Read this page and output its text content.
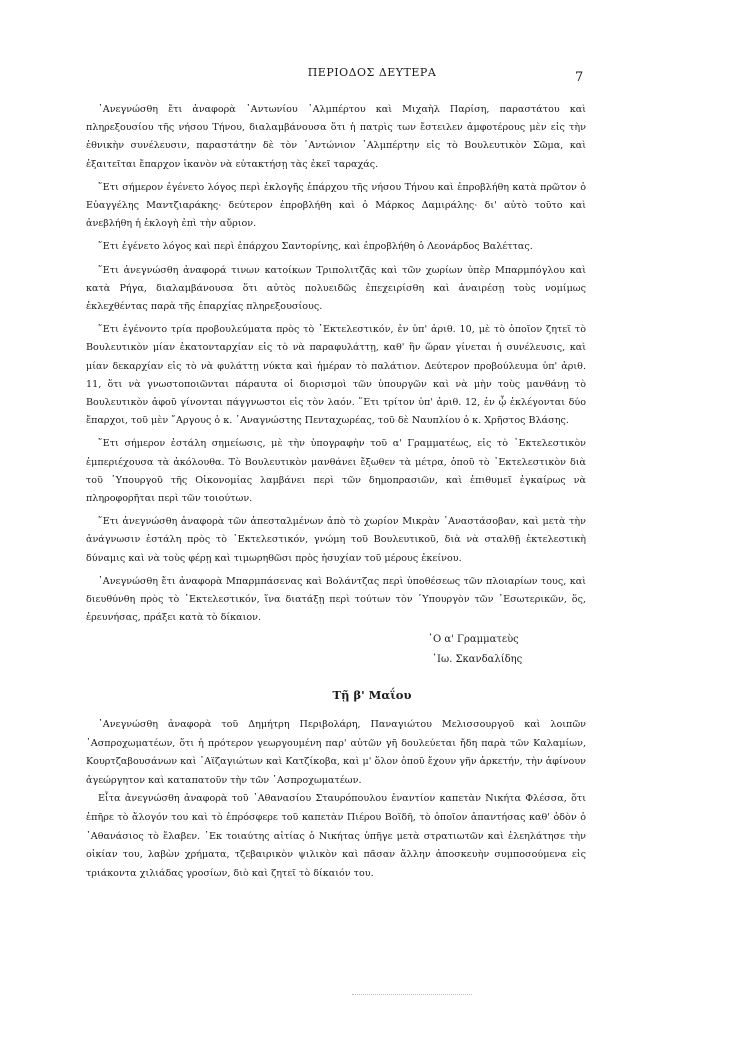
ΠΕΡΙΟΔΟΣ ΔΕΥΤΕΡΑ	7

᾿Ανεγνώσθη ἔτι ἀναφορὰ ᾿Αντωνίου ᾿Αλμπέρτου καὶ Μιχαὴλ Παρίση, παραστάτου καὶ πληρεξουσίου τῆς νήσου Τήνου, διαλαμβάνουσα ὅτι ἡ πατρὶς των ἔστειλεν ἀμφοτέρους μὲν εἰς τὴν ἐθνικὴν συνέλευσιν, παραστάτην δὲ τὸν ᾿Αντώνιον ᾿Αλμπέρτην εἰς τὸ Βουλευτικὸν Σῶμα, καὶ ἐξαιτεῖται ἔπαρχον ἱκανὸν νὰ εὐτακτήσῃ τὰς ἐκεῖ ταραχάς.

῞Ετι σήμερον ἐγένετο λόγος περὶ ἐκλογῆς ἐπάρχου τῆς νήσου Τήνου καὶ ἐπροβλήθη κατὰ πρῶτον ὁ Εὐαγγέλης Μαντζιαράκης· δεύτερον ἐπροβλήθη καὶ ὁ Μάρκος Δαμιράλης· δι' αὐτὸ τοῦτο καὶ ἀνεβλήθη ἡ ἐκλογὴ ἐπὶ τὴν αὔριον.

῞Ετι ἐγένετο λόγος καὶ περὶ ἐπάρχου Σαντορίνης, καὶ ἐπροβλήθη ὁ Λεονάρδος Βαλέττας.

῞Ετι ἀνεγνώσθη ἀναφορά τινων κατοίκων Τριπολιτζᾶς καὶ τῶν χωρίων ὑπὲρ Μπαρμπόγλου καὶ κατὰ Ρήγα, διαλαμβάνουσα ὅτι αὐτὸς πολυειδῶς ἐπεχειρίσθη καὶ ἀναιρέσῃ τοὺς νομίμως ἐκλεχθέντας παρὰ τῆς ἐπαρχίας πληρεξουσίους.

῞Ετι ἐγένοντο τρία προβουλεύματα πρὸς τὸ ᾿Εκτελεστικόν, ἐν ὑπ' ἀριθ. 10, μὲ τὸ ὁποῖον ζητεῖ τὸ Βουλευτικὸν μίαν ἑκατονταρχίαν εἰς τὸ νὰ παραφυλάττῃ, καθ' ἣν ὥραν γίνεται ἡ συνέλευσις, καὶ μίαν δεκαρχίαν εἰς τὸ νὰ φυλάττῃ νύκτα καὶ ἡμέραν τὸ παλάτιον. Δεύτερον προβούλευμα ὑπ' ἀριθ. 11, ὅτι νὰ γνωστοποιῶνται πάραυτα οἱ διορισμοὶ τῶν ὑπουργῶν καὶ νὰ μὴν τοὺς μανθάνῃ τὸ Βουλευτικὸν ἀφοῦ γίνονται πάγγνωστοι εἰς τὸν λαόν. ῞Ετι τρίτον ὑπ' ἀριθ. 12, ἐν ᾧ ἐκλέγονται δύο ἔπαρχοι, τοῦ μὲν ῎Αργους ὁ κ. ᾿Αναγνώστης Πενταχωρέας, τοῦ δὲ Ναυπλίου ὁ κ. Χρῆστος Βλάσης.

῞Ετι σήμερον ἐστάλη σημείωσις, μὲ τὴν ὑπογραφὴν τοῦ α' Γραμματέως, εἰς τὸ ᾿Εκτελεστικὸν ἐμπεριέχουσα τὰ ἀκόλουθα. Τὸ Βουλευτικὸν μανθάνει ἔξωθεν τὰ μέτρα, ὁποῦ τὸ ᾿Εκτελεστικὸν διὰ τοῦ ῾Υπουργοῦ τῆς Οἰκονομίας λαμβάνει περὶ τῶν δημοπρασιῶν, καὶ ἐπιθυμεῖ ἐγκαίρως νὰ πληροφορῆται περὶ τῶν τοιούτων.

῞Ετι ἀνεγνώσθη ἀναφορὰ τῶν ἀπεσταλμένων ἀπὸ τὸ χωρίον Μικρὰν ᾿Αναστάσοβαν, καὶ μετὰ τὴν ἀνάγνωσιν ἐστάλη πρὸς τὸ ᾿Εκτελεστικόν, γνώμη τοῦ Βουλευτικοῦ, διὰ νὰ σταλθῇ ἐκτελεστικὴ δύναμις καὶ νὰ τοὺς φέρῃ καὶ τιμωρηθῶσι πρὸς ἡσυχίαν τοῦ μέρους ἐκείνου.

᾿Ανεγνώσθη ἔτι ἀναφορὰ Μπαρμπάσενας καὶ Βολάντζας περὶ ὑποθέσεως τῶν πλοιαρίων τους, καὶ διευθύνθη πρὸς τὸ ᾿Εκτελεστικόν, ἵνα διατάξῃ περὶ τούτων τὸν ῾Υπουργὸν τῶν ᾿Εσωτερικῶν, ὅς, ἐρευνήσας, πράξει κατὰ τὸ δίκαιον.

῾Ο α' Γραμματεὺς
᾿Ιω. Σκανδαλίδης
Τῇ β' Μαΐου

᾿Ανεγνώσθη ἀναφορὰ τοῦ Δημήτρη Περιβολάρη, Παναγιώτου Μελισσουργοῦ καὶ λοιπῶν ᾿Ασπροχωματέων, ὅτι ἡ πρότερον γεωργουμένη παρ' αὐτῶν γῆ δουλεύεται ἤδη παρὰ τῶν Καλαμίων, Κουρτζαβουσάνων καὶ ᾿Αϊζαγιώτων καὶ Κατζίκοβα, καὶ μ' ὅλον ὁποῦ ἔχουν γῆν ἀρκετήν, τὴν ἀφίνουν ἀγεώργητον καὶ καταπατοῦν τὴν τῶν ᾿Ασπροχωματέων.

Εἶτα ἀνεγνώσθη ἀναφορὰ τοῦ ᾿Αθανασίου Σταυρόπουλου ἐναντίον καπετὰν Νικήτα Φλέσσα, ὅτι ἐπῆρε τὸ ἄλογόν του καὶ τὸ ἐπρόσφερε τοῦ καπετὰν Πιέρου Βοϊδῆ, τὸ ὁποῖον ἀπαντήσας καθ' ὁδὸν ὁ ᾿Αθανάσιος τὸ ἔλαβεν. ᾿Εκ τοιαύτης αἰτίας ὁ Νικήτας ὑπῆγε μετὰ στρατιωτῶν καὶ ἐλεηλάτησε τὴν οἰκίαν του, λαβὼν χρήματα, τζεβαιρικὸν ψιλικὸν καὶ πᾶσαν ἄλλην ἀποσκευὴν συμποσούμενα εἰς τριάκοντα χιλιάδας γροσίων, διὸ καὶ ζητεῖ τὸ δίκαιόν του.
